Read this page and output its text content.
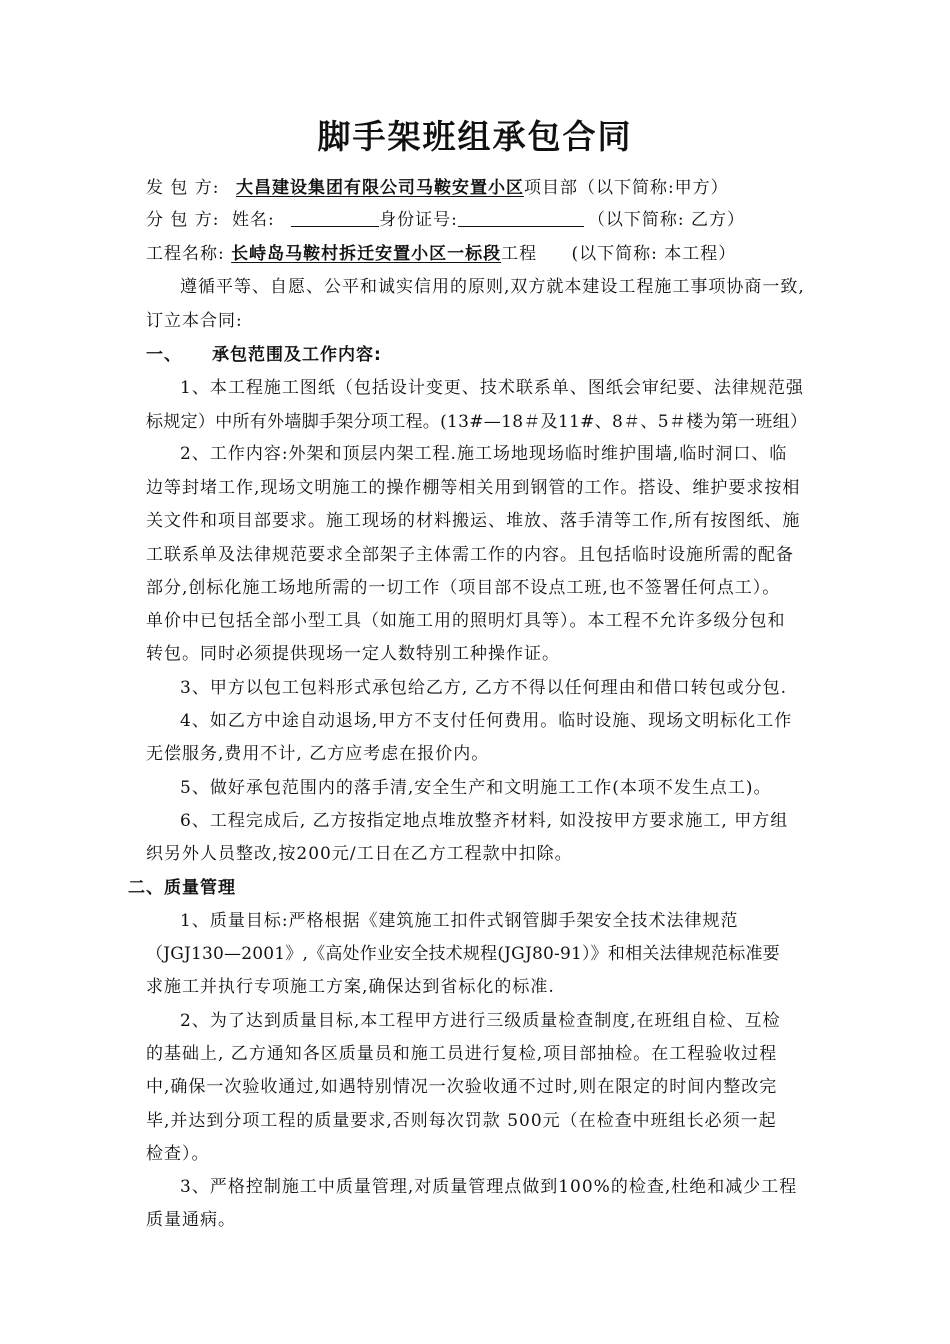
脚手架班组承包合同
发 包 方: 大昌建设集团有限公司马鞍安置小区项目部（以下简称:甲方）
分 包 方: 姓名:	身份证号:	（以下简称: 乙方）
工程名称: 长峙岛马鞍村拆迁安置小区一标段工程 (以下简称: 本工程）
遵循平等、自愿、公平和诚实信用的原则,双方就本建设工程施工事项协商一致,
订立本合同:
一、 承包范围及工作内容:
1、本工程施工图纸（包括设计变更、技术联系单、图纸会审纪要、法律规范强
标规定）中所有外墙脚手架分项工程。(13#—18＃及11#、8＃、5＃楼为第一班组）
2、工作内容:外架和顶层内架工程.施工场地现场临时维护围墙,临时洞口、临
边等封堵工作,现场文明施工的操作棚等相关用到钢管的工作。搭设、维护要求按相
关文件和项目部要求。施工现场的材料搬运、堆放、落手清等工作,所有按图纸、施
工联系单及法律规范要求全部架子主体需工作的内容。且包括临时设施所需的配备
部分,创标化施工场地所需的一切工作（项目部不设点工班,也不签署任何点工）。
单价中已包括全部小型工具（如施工用的照明灯具等）。本工程不允许多级分包和
转包。同时必须提供现场一定人数特别工种操作证。
3、甲方以包工包料形式承包给乙方, 乙方不得以任何理由和借口转包或分包.
4、如乙方中途自动退场,甲方不支付任何费用。临时设施、现场文明标化工作
无偿服务,费用不计, 乙方应考虑在报价内。
5、做好承包范围内的落手清,安全生产和文明施工工作(本项不发生点工)。
6、工程完成后, 乙方按指定地点堆放整齐材料, 如没按甲方要求施工, 甲方组
织另外人员整改,按200元/工日在乙方工程款中扣除。
二、质量管理
1、质量目标:严格根据《建筑施工扣件式钢管脚手架安全技术法律规范
（JGJ130—2001》,《高处作业安全技术规程(JGJ80-91）》和相关法律规范标准要
求施工并执行专项施工方案,确保达到省标化的标准.
2、为了达到质量目标,本工程甲方进行三级质量检查制度,在班组自检、互检
的基础上, 乙方通知各区质量员和施工员进行复检,项目部抽检。在工程验收过程
中,确保一次验收通过,如遇特别情况一次验收通不过时,则在限定的时间内整改完
毕,并达到分项工程的质量要求,否则每次罚款 500元（在检查中班组长必须一起
检查）。
3、严格控制施工中质量管理,对质量管理点做到100%的检查,杜绝和减少工程
质量通病。
